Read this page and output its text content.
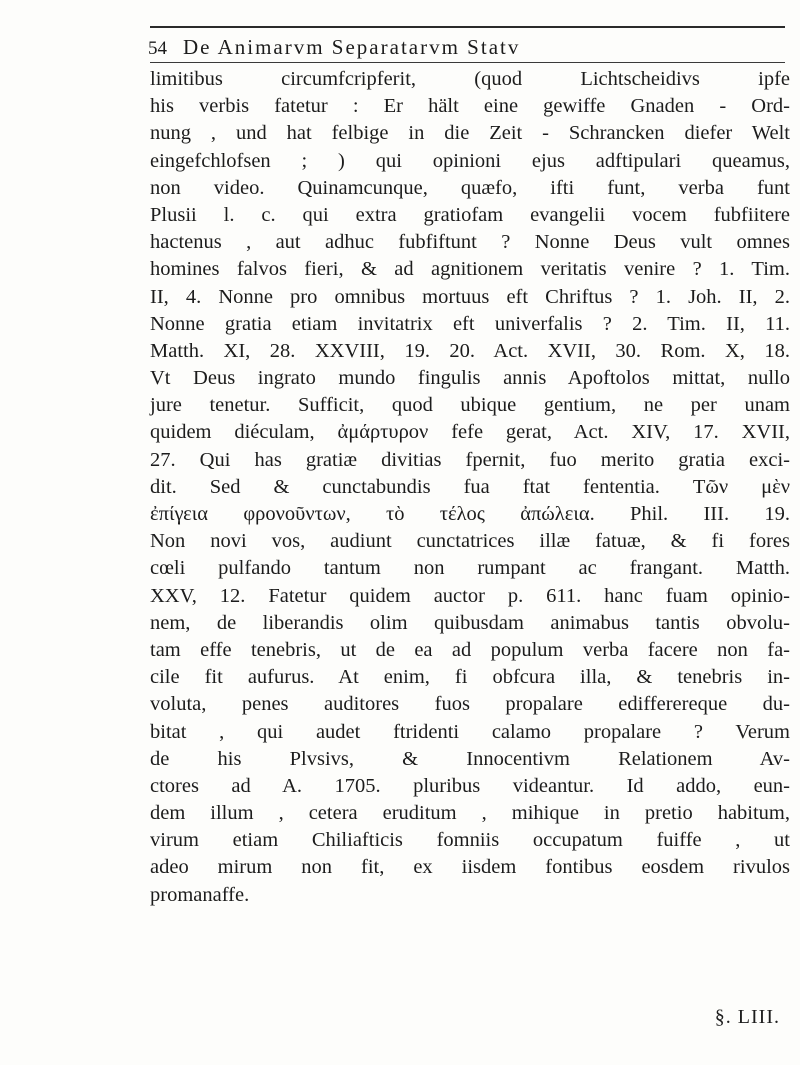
54 De Animarvm Separatarvm Statv
limitibus circumfcripferit, (quod Lichtscheidivs ipfe
his verbis fatetur : Er hält eine gewiffe Gnaden - Ord-
nung , und hat felbige in die Zeit - Schrancken diefer Welt
eingefchlofsen ; ) qui opinioni ejus adftipulari queamus,
non video. Quinamcunque, quæfo, ifti funt, verba funt
Plusii l. c. qui extra gratiofam evangelii vocem fubfiitere
hactenus , aut adhuc fubfiftunt ? Nonne Deus vult omnes
homines falvos fieri, & ad agnitionem veritatis venire ? 1. Tim.
II, 4. Nonne pro omnibus mortuus eft Chriftus ? 1. Joh. II, 2.
Nonne gratia etiam invitatrix eft univerfalis ? 2. Tim. II, 11.
Matth. XI, 28. XXVIII, 19. 20. Act. XVII, 30. Rom. X, 18.
Vt Deus ingrato mundo fingulis annis Apoftolos mittat, nullo
jure tenetur. Sufficit, quod ubique gentium, ne per unam
quidem diéculam, ἀμάρτυρον fefe gerat, Act. XIV, 17. XVII,
27. Qui has gratiæ divitias fpernit, fuo merito gratia exci-
dit. Sed & cunctabundis fua ftat fententia. Τῶν μὲν
ἐπίγεια φρονοῦντων, τὸ τέλος ἀπώλεια. Phil. III. 19.
Non novi vos, audiunt cunctatrices illæ fatuæ, & fi fores
cœli pulfando tantum non rumpant ac frangant. Matth.
XXV, 12. Fatetur quidem auctor p. 611. hanc fuam opinio-
nem, de liberandis olim quibusdam animabus tantis obvolu-
tam effe tenebris, ut de ea ad populum verba facere non fa-
cile fit aufurus. At enim, fi obfcura illa, & tenebris in-
voluta, penes auditores fuos propalare edifferereque du-
bitat , qui audet ftridenti calamo propalare ? Verum
de his Plvsivs, & Innocentivm Relationem Av-
ctores ad A. 1705. pluribus videantur. Id addo, eun-
dem illum , cetera eruditum , mihique in pretio habitum,
virum etiam Chiliafticis fomniis occupatum fuiffe , ut
adeo mirum non fit, ex iisdem fontibus eosdem rivulos
promanaffe.
§. LIII.
